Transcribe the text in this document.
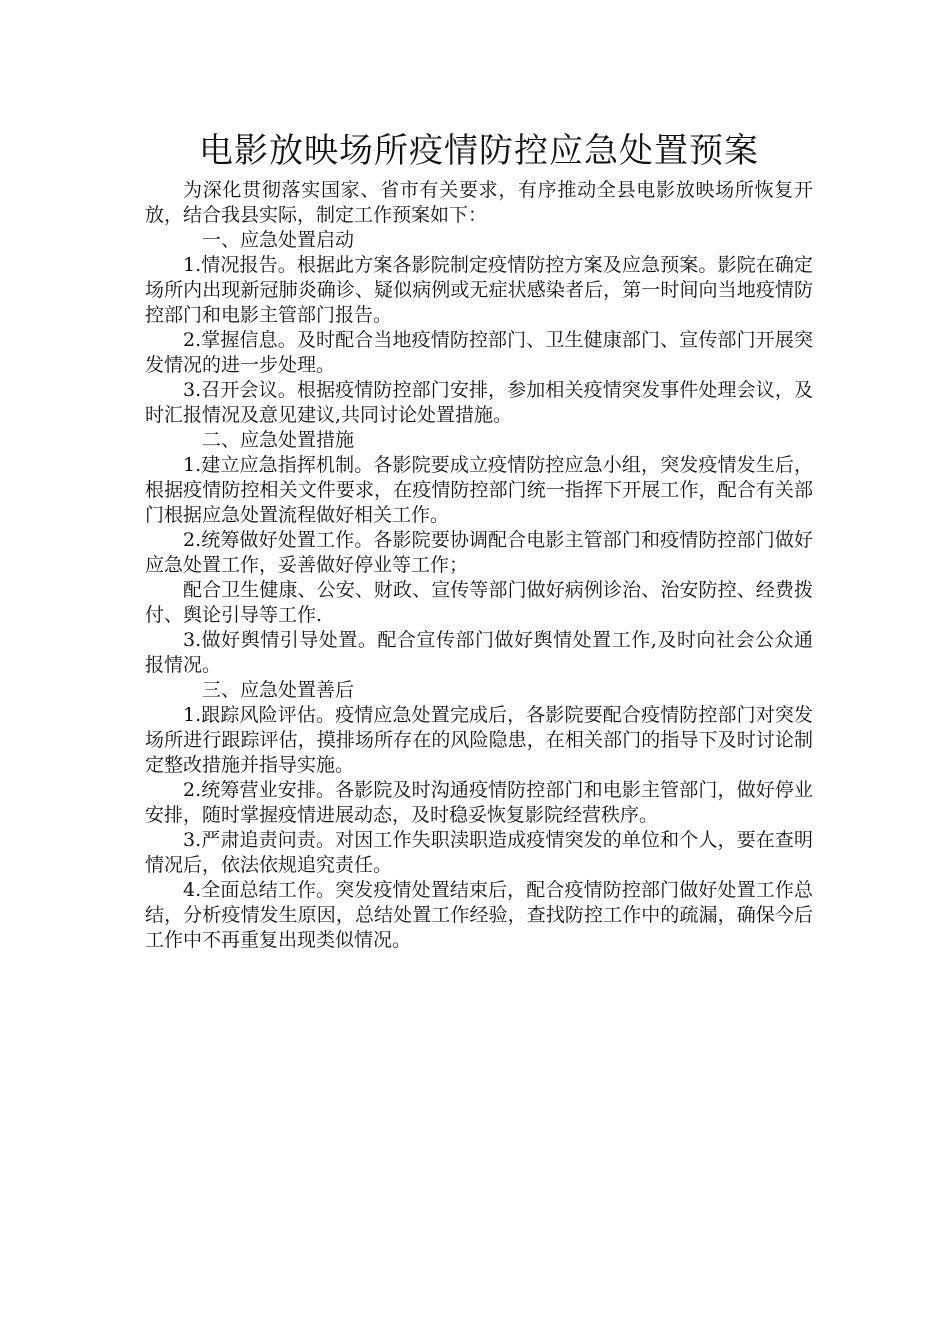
电影放映场所疫情防控应急处置预案

为深化贯彻落实国家、省市有关要求，有序推动全县电影放映场所恢复开放，结合我县实际，制定工作预案如下：

一、应急处置启动

1.情况报告。根据此方案各影院制定疫情防控方案及应急预案。影院在确定场所内出现新冠肺炎确诊、疑似病例或无症状感染者后，第一时间向当地疫情防控部门和电影主管部门报告。

2.掌握信息。及时配合当地疫情防控部门、卫生健康部门、宣传部门开展突发情况的进一步处理。

3.召开会议。根据疫情防控部门安排，参加相关疫情突发事件处理会议，及时汇报情况及意见建议,共同讨论处置措施。

二、应急处置措施

1.建立应急指挥机制。各影院要成立疫情防控应急小组，突发疫情发生后，根据疫情防控相关文件要求，在疫情防控部门统一指挥下开展工作，配合有关部门根据应急处置流程做好相关工作。

2.统筹做好处置工作。各影院要协调配合电影主管部门和疫情防控部门做好应急处置工作，妥善做好停业等工作；

配合卫生健康、公安、财政、宣传等部门做好病例诊治、治安防控、经费拨付、舆论引导等工作.

3.做好舆情引导处置。配合宣传部门做好舆情处置工作,及时向社会公众通报情况。

三、应急处置善后

1.跟踪风险评估。疫情应急处置完成后，各影院要配合疫情防控部门对突发场所进行跟踪评估，摸排场所存在的风险隐患，在相关部门的指导下及时讨论制定整改措施并指导实施。

2.统筹营业安排。各影院及时沟通疫情防控部门和电影主管部门，做好停业安排，随时掌握疫情进展动态，及时稳妥恢复影院经营秩序。

3.严肃追责问责。对因工作失职渎职造成疫情突发的单位和个人，要在查明情况后，依法依规追究责任。

4.全面总结工作。突发疫情处置结束后，配合疫情防控部门做好处置工作总结，分析疫情发生原因，总结处置工作经验，查找防控工作中的疏漏，确保今后工作中不再重复出现类似情况。
